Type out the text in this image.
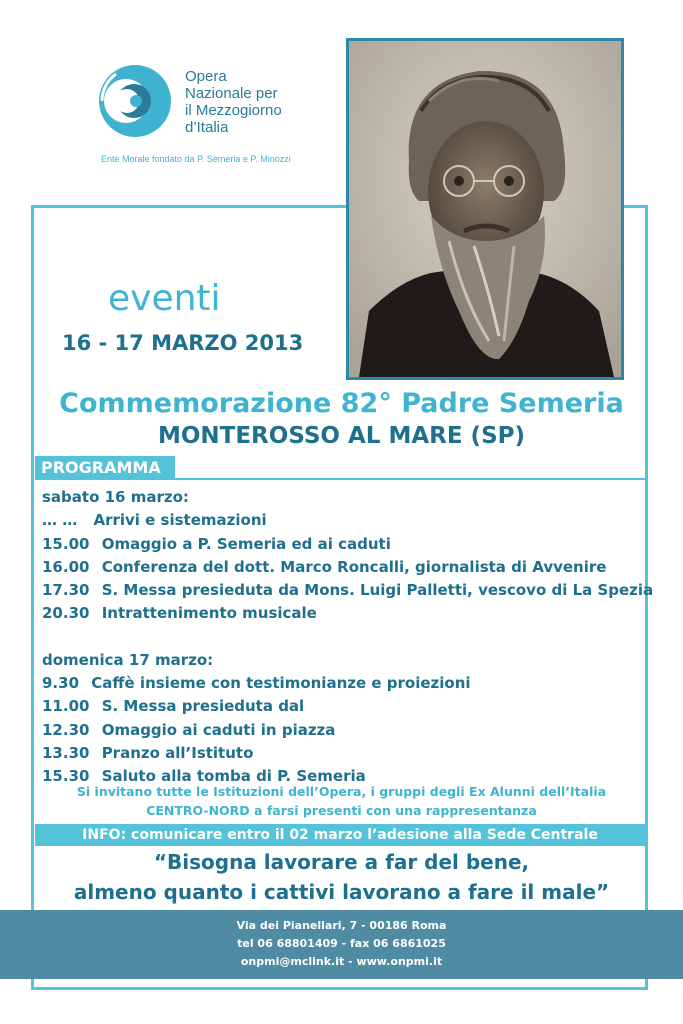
Opera
Nazionale per
il Mezzogiorno
d’Italia
Ente Morale fondato da P. Semeria e P. Minozzi
eventi
16 - 17 MARZO 2013
Commemorazione 82° Padre Semeria
MONTEROSSO AL MARE (SP)
PROGRAMMA
sabato 16 marzo:
… … Arrivi e sistemazioni
15.00 Omaggio a P. Semeria ed ai caduti
16.00 Conferenza del dott. Marco Roncalli, giornalista di Avvenire
17.30 S. Messa presieduta da Mons. Luigi Palletti, vescovo di La Spezia
20.30 Intrattenimento musicale
domenica 17 marzo:
9.30 Caffè insieme con testimonianze e proiezioni
11.00 S. Messa presieduta dal
12.30 Omaggio ai caduti in piazza
13.30 Pranzo all’Istituto
15.30 Saluto alla tomba di P. Semeria
Si invitano tutte le Istituzioni dell’Opera, i gruppi degli Ex Alunni dell’Italia
CENTRO-NORD a farsi presenti con una rappresentanza
INFO: comunicare entro il 02 marzo l’adesione alla Sede Centrale
“Bisogna lavorare a far del bene,
almeno quanto i cattivi lavorano a fare il male”
Via dei Pianellari, 7 - 00186 Roma
tel 06 68801409 - fax 06 6861025
onpmi@mclink.it - www.onpmi.it
